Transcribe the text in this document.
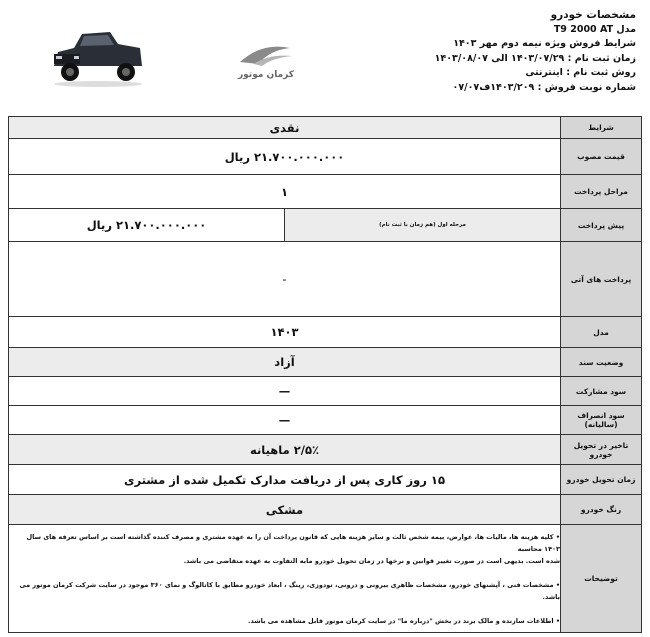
کرمان موتور
مشخصات خودرو
مدل T9 2000 AT
شرایط فروش ویژه نیمه دوم مهر ۱۴۰۳
زمان ثبت نام : ۱۴۰۳/۰۷/۲۹ الی ۱۴۰۳/۰۸/۰۷
روش ثبت نام : اینترنتی
شماره نوبت فروش : ۱۴۰۳/۲۰۹ف۰۷/۰۷
شرایط	نقدی	
قیمت مصوب	۲۱.۷۰۰.۰۰۰.۰۰۰ ریال	
مراحل پرداخت	۱	
پیش پرداخت	مرحله اول (هم زمان با ثبت نام)	۲۱.۷۰۰.۰۰۰.۰۰۰ ریال
پرداخت های آتی	-	
مدل	۱۴۰۳	
وضعیت سند	آزاد	
سود مشارکت	—	
سود انصراف (سالیانه)	—	
تاخیر در تحویل خودرو	۲/۵٪ ماهیانه	
زمان تحویل خودرو	۱۵ روز کاری پس از دریافت مدارک تکمیل شده از مشتری	
رنگ خودرو	مشکی	
توضیحات	• کلیه هزینه ها، مالیات ها، عوارض، بیمه شخص ثالث و سایر هزینه هایی که قانون پرداخت آن را به عهده مشتری و مصرف کننده گذاشته است بر اساس تعرفه های سال ۱۴۰۳ محاسبه
شده است. بدیهی است در صورت تغییر قوانین و نرخها در زمان تحویل خودرو مابه التفاوت به عهده متقاضی می باشد.
• مشخصات فنی ، آپشنهای خودرو، مشخصات ظاهری بیرونی و درونی، تودوزی، رینگ ، ابعاد خودرو مطابق با کاتالوگ و نمای ۳۶۰ موجود در سایت شرکت کرمان موتور می باشد.
• اطلاعات سازنده و مالک برند در بخش "درباره ما" در سایت کرمان موتور قابل مشاهده می باشد.	
